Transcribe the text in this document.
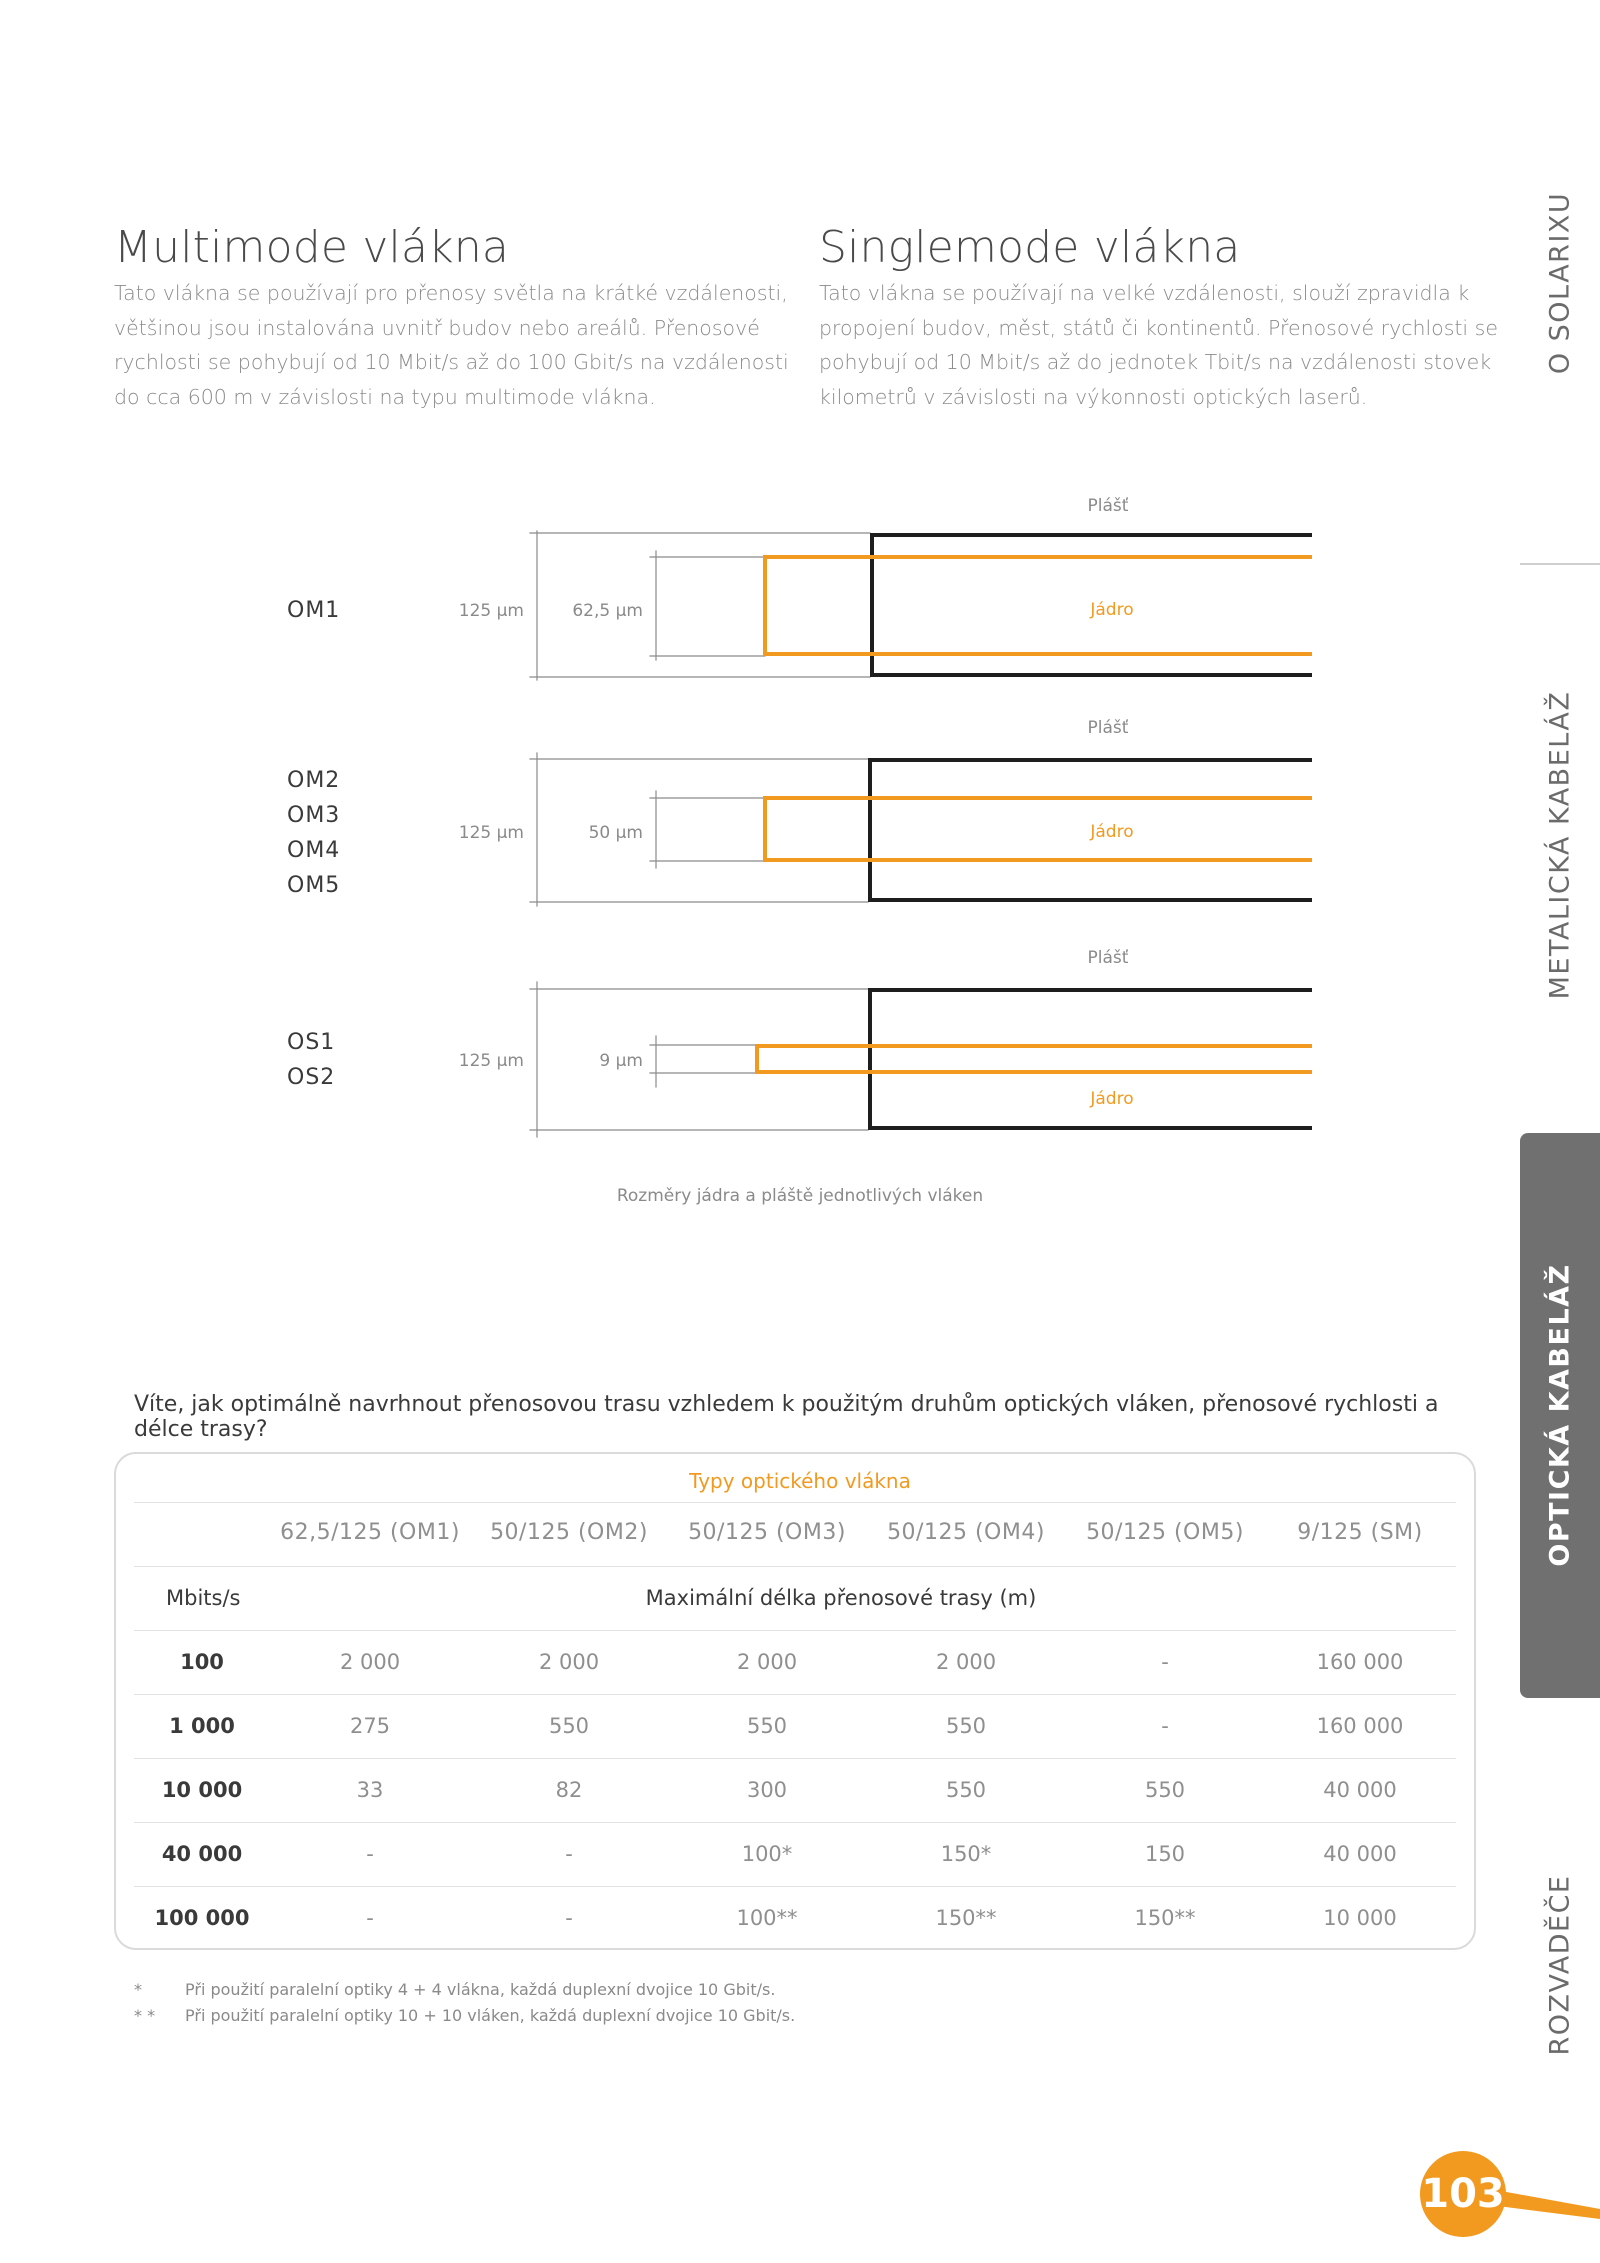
Multimode vlákna
Tato vlákna se používají pro přenosy světla na krátké vzdálenosti, většinou jsou instalována uvnitř budov nebo areálů. Přenosové rychlosti se pohybují od 10 Mbit/s až do 100 Gbit/s na vzdálenosti do cca 600 m v závislosti na typu multimode vlákna.
Singlemode vlákna
Tato vlákna se používají na velké vzdálenosti, slouží zpravidla k propojení budov, měst, států či kontinentů. Přenosové rychlosti se pohybují od 10 Mbit/s až do jednotek Tbit/s na vzdálenosti stovek kilometrů v závislosti na výkonnosti optických laserů.
OM1
OM2
OM3
OM4
OM5
OS1
OS2
Plášť
125 µm	62,5 µm	Jádro
Plášť
125 µm	50 µm	Jádro
Plášť
125 µm	9 µm
Jádro
Rozměry jádra a pláště jednotlivých vláken
Víte, jak optimálně navrhnout přenosovou trasu vzhledem k použitým druhům optických vláken, přenosové rychlosti a délce trasy?
Typy optického vlákna
62,5/125 (OM1)	50/125 (OM2)	50/125 (OM3)	50/125 (OM4)	50/125 (OM5)	9/125 (SM)
Mbits/s	Maximální délka přenosové trasy (m)
100	2 000	2 000	2 000	2 000	-	160 000
1 000	275	550	550	550	-	160 000
10 000	33	82	300	550	550	40 000
40 000	-	-	100*	150*	150	40 000
100 000	-	-	100**	150**	150**	10 000
*	Při použití paralelní optiky 4 + 4 vlákna, každá duplexní dvojice 10 Gbit/s.
* * Při použití paralelní optiky 10 + 10 vláken, každá duplexní dvojice 10 Gbit/s.
O SOLARIXU
METALICKÁ KABELÁŽ
OPTICKÁ KABELÁŽ
ROZVADĚČE
103
